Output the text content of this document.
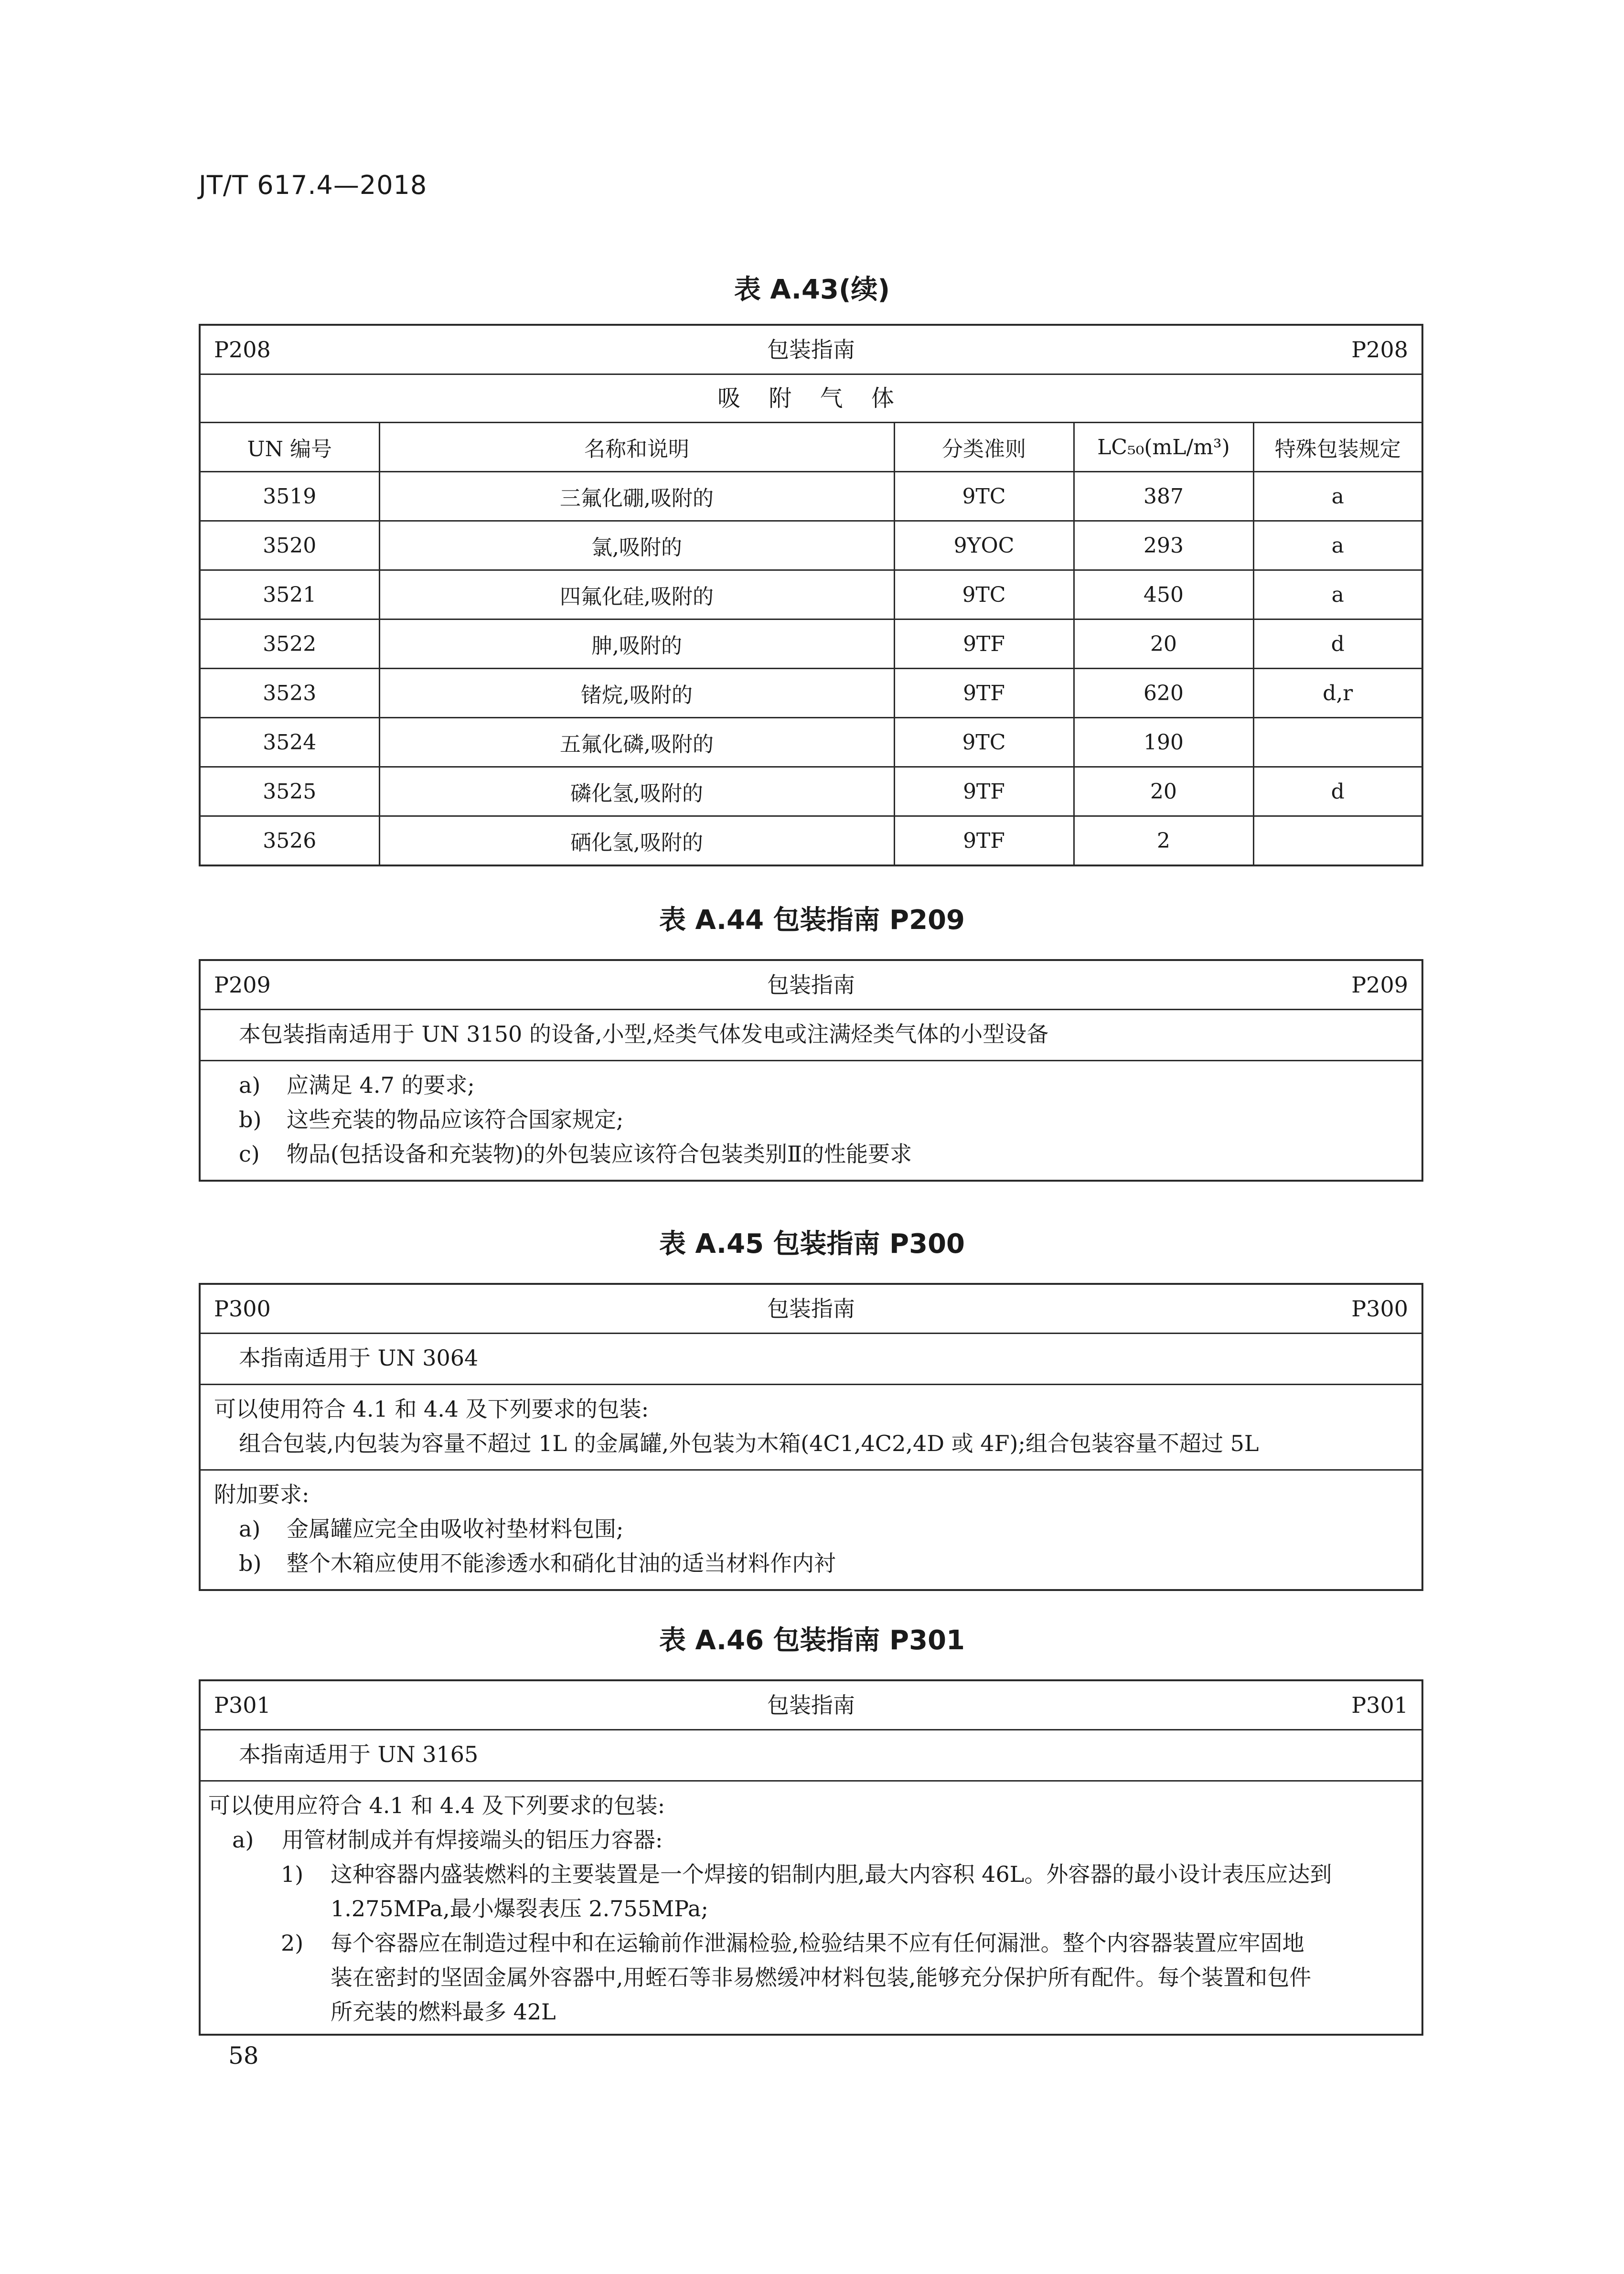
JT/T 617.4—2018
表 A.43(续)
P208	包装指南	P208
吸 附 气 体
UN 编号	名称和说明	分类准则	LC₅₀(mL/m³)	特殊包装规定
3519	三氟化硼,吸附的	9TC	387	a
3520	氯,吸附的	9YOC	293	a
3521	四氟化硅,吸附的	9TC	450	a
3522	胂,吸附的	9TF	20	d
3523	锗烷,吸附的	9TF	620	d,r
3524	五氟化磷,吸附的	9TC	190	
3525	磷化氢,吸附的	9TF	20	d
3526	硒化氢,吸附的	9TF	2	
表 A.44 包装指南 P209
P209	包装指南	P209
本包装指南适用于 UN 3150 的设备,小型,烃类气体发电或注满烃类气体的小型设备
a) 应满足 4.7 的要求;
b) 这些充装的物品应该符合国家规定;
c) 物品(包括设备和充装物)的外包装应该符合包装类别Ⅱ的性能要求
表 A.45 包装指南 P300
P300	包装指南	P300
本指南适用于 UN 3064
可以使用符合 4.1 和 4.4 及下列要求的包装:
组合包装,内包装为容量不超过 1L 的金属罐,外包装为木箱(4C1,4C2,4D 或 4F);组合包装容量不超过 5L
附加要求:
a) 金属罐应完全由吸收衬垫材料包围;
b) 整个木箱应使用不能渗透水和硝化甘油的适当材料作内衬
表 A.46 包装指南 P301
P301	包装指南	P301
本指南适用于 UN 3165
可以使用应符合 4.1 和 4.4 及下列要求的包装:
a) 用管材制成并有焊接端头的铝压力容器:
1) 这种容器内盛装燃料的主要装置是一个焊接的铝制内胆,最大内容积 46L。外容器的最小设计表压应达到
1.275MPa,最小爆裂表压 2.755MPa;
2) 每个容器应在制造过程中和在运输前作泄漏检验,检验结果不应有任何漏泄。整个内容器装置应牢固地
装在密封的坚固金属外容器中,用蛭石等非易燃缓冲材料包装,能够充分保护所有配件。每个装置和包件
所充装的燃料最多 42L
58
